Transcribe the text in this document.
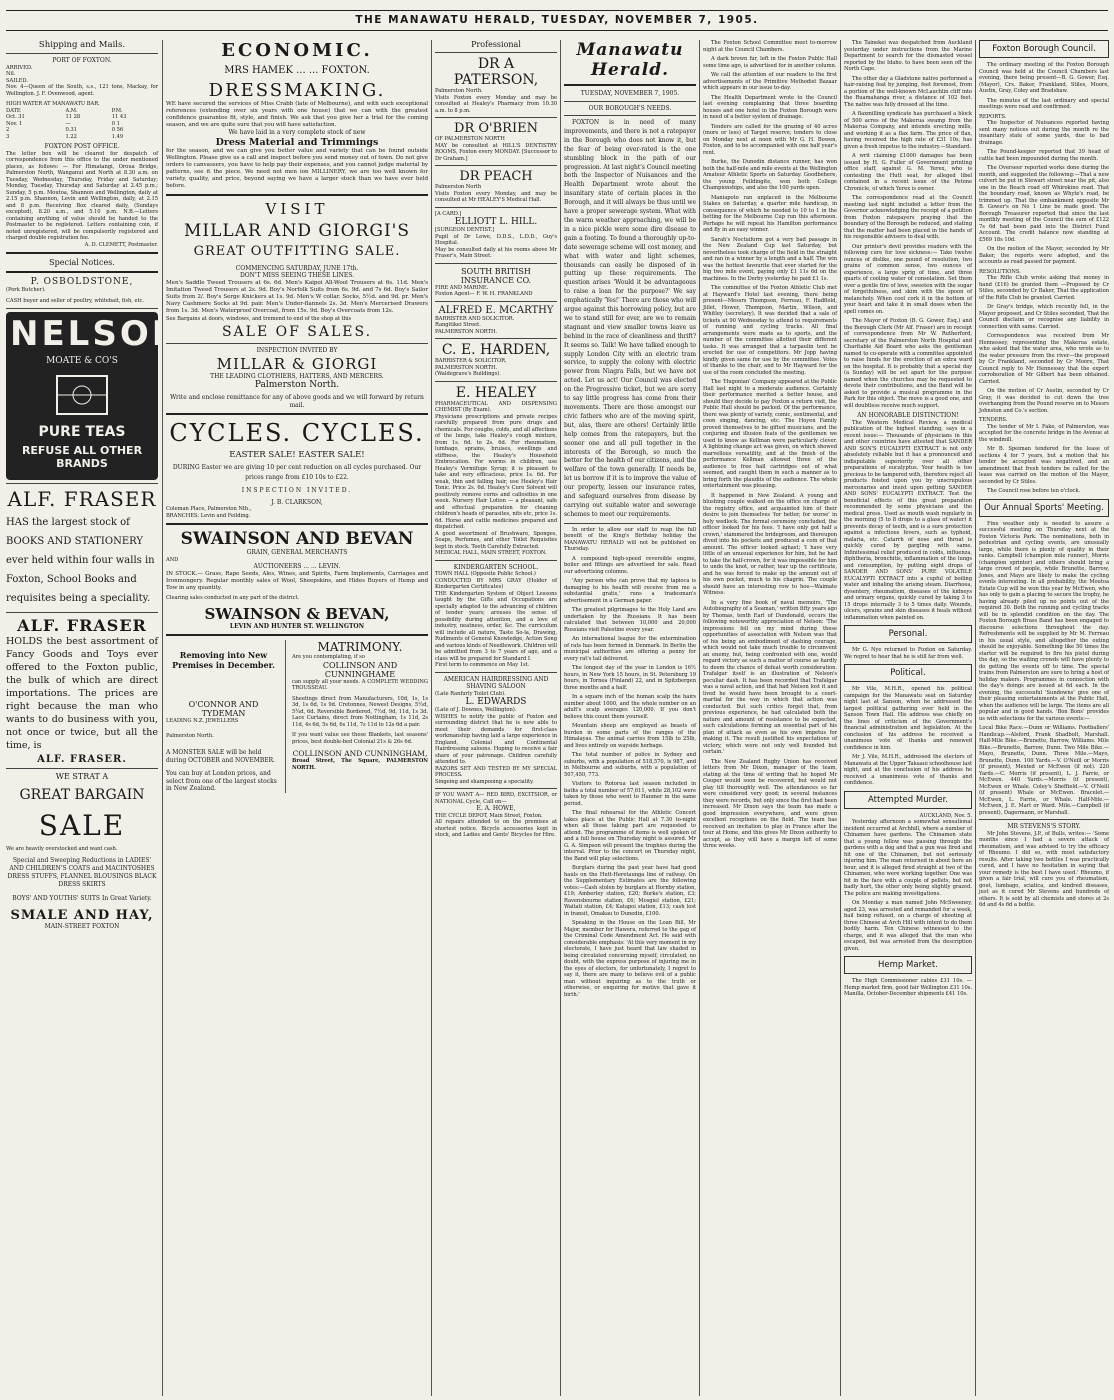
THE MANAWATU HERALD, TUESDAY, NOVEMBER 7, 1905.
Shipping and Mails.
PORT OF FOXTON.
ARRIVED.
Nil.
SAILED.
Nov. 4—Queen of the South, s.s., 121 tons, Mackay, for Wellington. J. F. Ovenwood, agent.
HIGH WATER AT MANAWATU BAR.
DATE	A.M.	P.M.
Oct. 31	11 28	11 43
Nov. 1	—	0 1
2	0.31	0 56
3	1.22	1.49
FOXTON POST OFFICE.
The letter box will be cleared for despatch of correspondence from this office to the under mentioned places, as follows: — For Himatangi, Oroua Bridge, Palmerston North, Wanganui and North at 8.30 a.m. on Tuesday, Wednesday, Thursday, Friday and Saturday; Monday, Tuesday, Thursday and Saturday at 2.45 p.m.; Sunday, 5 p.m. Moutoa, Shannon and Wellington, daily at 2.15 p.m. Shannon, Levin and Wellington, daily, at 2.15 and 8 p.m. Receiving Box cleared daily, (Sundays excepted), 8.20 a.m., and 5.10 p.m. N.B.—Letters containing anything of value should be handed to the Postmaster to be registered. Letters containing coin, if noted unregistered, will be compulsorily registered and charged double registration fee.
A. D. CLEMETT, Postmaster.
Special Notices.
P. OSBOLDSTONE,
(Pork Butcher).
CASH buyer and seller of poultry, whitebait, fish, etc.
NELSON
MOATE & CO'S
PURE TEAS
REFUSE ALL OTHER BRANDS
ALF. FRASER
HAS the largest stock of BOOKS AND STATIONERY ever held within four walls in Foxton, School Books and requisites being a speciality.
ALF. FRASER
HOLDS the best assortment of Fancy Goods and Toys ever offered to the Foxton public, the bulk of which are direct importations. The prices are right because the man who wants to do business with you, not once or twice, but all the time, is
ALF. FRASER.
WE STRAT A
GREAT BARGAIN
SALE
We are heavily overstocked and want cash.
Special and Sweeping Reductions in LADIES' AND CHILDREN'S COATS and MACINTOSHES DRESS STUFFS, FLANNEL BLOUSINGS BLACK DRESS SKIRTS
BOYS' AND YOUTHS' SUITS In Great Variety.
SMALE AND HAY,
MAIN-STREET FOXTON
ECONOMIC.
MRS HAMEK ... ... FOXTON.
DRESSMAKING.
WE have secured the services of Miss Crabb (late of Melbourne), and with such exceptional references (extending over six years with one house) that we can with the greatest confidence guarantee fit, style, and finish. We ask that you give her a trial for the coming season, and we are quite sure that you will have satisfaction.
We have laid in a very complete stock of new
Dress Material and Trimmings
for the season, and we can give you better value and variety that can be found outside Wellington. Please give us a call and inspect before you send money out of town. Do not give orders to canvassers, you have to help pay their expenses, and you cannot judge material by patterns, see it the piece. We need not men ion MILLINERY, we are too well known for variety, quality, and price, beyond saying we have a larger stock than we have ever held before.
VISIT
MILLAR AND GIORGI'S
GREAT OUTFITTING SALE.
COMMENCING SATURDAY, JUNE 17th.
DON'T MISS SEEING THESE LINES.
Men's Saddle Tweed Trousers at 6s. 6d. Men's Kaipoi All-Wool Trousers at 6s. 11d. Men's Imitation Tweed Trousers at 2s. 9d. Boy's Norfolk Suits from 6s. 9d. and 7s 6d. Boy's Sailor Suits from 2/. Boy's Serge Knickers at 1s. 9d. Men's W collar. Socks, 5½d. and 9d. pr. Men's Navy Cashmere Socks at 9d. pair. Men's Under-flannels 2s. 3d. Men's Mercerised Drawers from 1s. 3d. Men's Waterproof Overcoat, from 15s. 9d. Boy's Overcoats from 12s.
See Bargains at doors, windows, and tremend to end of the shop at this
SALE OF SALES.
INSPECTION INVITED BY
MILLAR & GIORGI
THE LEADING CLOTHIERS, HATTERS, AND MERCERS.
Palmerston North.
Write and enclose remittance for any of above goods and we will forward by return mail.
CYCLES. CYCLES.
EASTER SALE! EASTER SALE!
DURING Easter we are giving 10 per cent reduction on all cycles purchased. Our prices range from £10 10s to £22.
INSPECTION INVITED.
J. B. CLARKSON,
Coleman Place, Palmerston Nth.,
BRANCHES: Levin and Feilding.
SWAINSON AND BEVAN
GRAIN, GENERAL MERCHANTS
AND
AUCTIONEERS ... ... LEVIN.
IN STOCK.— Grass, Rape Seeds, Ales, Wines, and Spirits, Farm Implements, Carriages and Ironmongery. Regular monthly sales of Wool, Sheepskins, and Hides Buyers of Hemp and Tow in any quantity.
Clearing sales conducted in any part of the district.
SWAINSON & BEVAN,
LEVIN AND HUNTER ST. WELLINGTON
Removing into New Premises in December.
O'CONNOR AND TYDEMAN
LEADING N.Z. JEWELLERS
Palmerston North.
A MONSTER SALE will be held during OCTOBER and NOVEMBER.
You can buy at London prices, and select from one of the largest stocks in New Zealand.
MATRIMONY.
Are you contemplating, if so
COLLINSON AND CUNNINGHAME
can supply all your needs. A COMPLETE WEDDING TROUSSEAU.
Sheetings direct from Manufacturers, 10d, 1s, 1s 3d, 1s 6d, 1s 9d. Cretonnes, Newest Designs, 5½d, 5¾d, 6d. Reversible Bordered, 7½d, 9d, 11d, 1s 3d. Lace Curtains, direct from Nottingham, 1s 11d, 2s 11d, 4s 6d, 5s 6d, 6s 11d, 7s 11d to 12s 6d a pair.
If you want value see these Blankets, last seasons' prices, best double-bed Colonial 21s & 26s 6d.
COLLINSON AND CUNNINGHAM,
Broad Street, The Square, PALMERSTON NORTH.
Professional
DR A PATERSON,
Palmerston North.
Visits Foxton every Monday and may be consulted at Healey's Pharmacy from 10.30 a.m. to 8 p.m.
DR O'BRIEN
OF PALMERSTON NORTH
MAY be consulted at HILL'S DENTISTRY ROOMS, Foxton every MONDAY. [Successor to Dr Graham.]
DR PEACH
Palmerston North
Visits Foxton every Monday, and may be consulted at Mr HEALEY'S Medical Hall.
[A CARD.]
ELLIOTT L. HILL.
[SURGEON DENTIST.]
Pupil of Dr Lowe, D.D.S., L.D.D., Guy's Hospital.
May be consulted daily at his rooms above Mr Fraser's, Main Street.
SOUTH BRITISH INSURANCE CO.
FIRE AND MARINE.
Foxton Agent— F. W. H. FRANKLAND
ALFRED E. MCARTHY
BARRISTER AND SOLICITOR.
Rangitikei Street.
PALMERSTON NORTH.
C. E. HARDEN,
BARRISTER & SOLICITOR,
PALMERSTON NORTH.
(Waldegrave's Buildings).
E. HEALEY
PHARMACEUTICAL AND DISPENSING CHEMIST (By Exam).
Physicians prescriptions and private recipes carefully prepared from pure drugs and chemicals. For coughs, colds, and all affections of the lungs, take Healey's cough mixture, from 1s. 6d. to 2s. 6d. For rheumatism, lumbago, sprains, bruises, swellings and stiffness, the Healey's Household Embrocation. For worms in children, use Healey's Vermifuge Syrup; it is pleasant to take and very efficacious, price 1s. 6d. For weak, thin and falling hair, use Healey's Hair Tonic. Price 2s. 6d. Healey's Cure Solvent will positively remove corns and callosities in one week. Nursery Hair Lotion — a pleasant, safe and effectual preparation for cleaning children's heads of parasites, nits etc, price 1s. 6d. Horse and cattle medicines prepared and dispatched.
A good assortment of Brushware, Sponges, Soaps, Perfumes, and other Toilet Requisites kept in stock. Teeth Carefully Extracted.
MEDICAL HALL, MAIN STREET, FOXTON.
KINDERGARTEN SCHOOL.
TOWN HALL (Opposite Public School.)
CONDUCTED BY MRS GRAY (Holder of Kindergarten Certificates)
THE Kindergarten System of Object Lessons taught by the Gifts and Occupations are specially adapted to the advancing of children of tender years; arouses the sense of possibility during attention, and a love of industry, neatness, order, &c. The curriculum will include all nature, Taste So-la, Drawing, Rudiments of General Knowledge, Action Song and various kinds of Needlework. Children will be admitted from 3 to 7 years of age, and a class will be prepared for Standard I.
First term to commence on May 1st.
AMERICAN HAIRDRESSING AND SHAVING SALOON
(Late Ranfurly Toilet Club).
L. EDWARDS
(Late of J. Downes, Wellington).
WISHES to notify the public of Foxton and surrounding district that he is now able to meet their demands for first-class workmanship having laid a large experience in England, Colonial and Continental Hairdressing saloons. Hoping to receive a fair share of your patronage. Children carefully attended to.
RAZORS SET AND TESTED BY MY SPECIAL PROCESS.
Singeing and shampooing a speciality.
IF YOU WANT A— RED BIRD, EXCITSIOR, or NATIONAL Cycle, Call on—
E. A. HOWE,
THE CYCLE DEPOT, Main Street, Foxton.
All repairs attended to on the premises at shortest notice. Bicycle accessories kept in stock, and Ladies and Gents' Bicycles for Hire.
Manawatu Herald.
TUESDAY, NOVEMBER 7, 1905.
OUR BOROUGH'S NEEDS.
FOXTON is in need of many improvements, and there is not a ratepayer in the Borough who does not know it, but the fear of being over-rated is the one stumbling block in the path of our progression. At last night's Council meeting both the Inspector of Nuisances and the Health Department wrote about the insanitary state of certain places in the Borough, and it will always be thus until we have a proper sewerage system. What with the warm weather approaching, we will be in a nice pickle were some dire disease to gain a footing. To found a thoroughly up-to-date sewerage scheme will cost money, and what with water and light schemes, thousands can easily be disposed of in putting up these requirements. The question arises 'Would it be advantageous to raise a loan for the purpose?' We say emphatically 'Yes!' There are those who will argue against this borrowing policy, but are we to stand still for ever, are we to remain stagnant and view smaller towns leave us behind in the race of cleanliness and thrift? It seems so. Talk! We have talked enough to supply London City with an electric tram service, to supply the colony with electric power from Niagra Falls, but we have not acted. Let us act! Our Council was elected on the Progressive ticket, but we are sorry to say little progress has come from their movements. There are those amongst our civic fathers who are of the moving spirit, but, alas, there are others! Certainly little help comes from the ratepayers, but the sooner one and all pull together in the interests of the Borough, so much the better for the health of our citizens, and the welfare of the town generally. If needs be, let us borrow if it is to improve the value of our property, lessen our insurance rates, and safeguard ourselves from disease by carrying out suitable water and sewerage schemes to meet our requirements.

In order to allow our staff to reap the full benefit of the King's Birthday holiday the MANAWATU HERALD will not be published on Thursday.

A compound high-speed reversible engine, boiler and fittings are advertised for sale. Read our advertising columns.

'Any person who can prove that my tapioca is damaging to his health will receive from me a substantial gratis,' runs a tradesman's advertisement in a German paper.

The greatest pilgrimages to the Holy Land are undertaken by the Russians. It has been calculated that between 10,000 and 20,000 Russians visit Palestine every year.

An international league for the extermination of rats has been formed in Denmark. In Berlin the municipal authorities are offering a penny for every rat's tail delivered.

The longest day of the year in London is 16½ hours, in New York 15 hours, in St. Petersburg 19 hours, in Tornea (Finland) 22, and in Spitzbergen three months and a half.

In a square inch of the human scalp the hairs number about 1000, and the whole number on an adult's scalp averages 120,000. If you don't believe this count them yourself.

Mountain sheep are employed as beasts of burden in some parts of the ranges of the Himalayas. The animal carries from 15lb to 25lb, and lives entirely on wayside herbage.

The total number of police in Sydney and suburbs, with a population of 518,570, is 987, and in Melbourne and suburbs, with a population of 507,450, 773.

Visitors to Rotorua last season included in baths a total number of 57,611, while 28,102 were taken by those who went to Hanmer in the same period.

The final rehearsal for the Athletic Concert takes place at the Public Hall at 7.30 to-night when all those taking part are requested to attend. The programme of items is well spoken of and a full house on Thursday night is assured. Mr G. A. Simpson will present the trophies during the interval. Prior to the concert on Thursday night, the Band will play selections.

Burglars during the past year have had good hauls on the Hutt-Heretaunga line of railway. On the Supplementary Estimates are the following votes:—Cash stolen by burglars at Hornby station, £19; Amberley station, £20; Burke's station, £3; Ravensbourne station, £6; Mosgiel station, £21; Waitati station, £4; Katapoi station, £13; cash lost in transit, Omakau to Dunedin, £100.

Speaking in the House on the Loan Bill, Mr Major, member for Hawera, referred to the gag of the Criminal Code Amendment Act. He said with considerable emphasis: 'At this very moment in my electorate, I have just heard that law shaded in being circulated concerning myself, circulated, no doubt, with the express purpose of injuring me in the eyes of electors, for unfortunately, I regret to say it, there are many to believe evil of a public man without inquiring as to the truth or otherwise, or enquiring for motive that gave it birth.'

The Foxton School Committee meet to-morrow night at the Council Chambers.

A dark brown fur, left in the Foxton Public Hall some time ago, is advertised for in another column.

We call the attention of our readers to the first advertisements of the Primitive Methodist Bazaar which appears in our issue to-day.

The Health Department wrote to the Council last evening complaining that three boarding houses and one hotel in the Foxton Borough were in need of a better system of drainage.

Tenders are called for the grazing of 40 acres (more or less) of Target reserve; tenders to close on Monday next at noon with Mr G. H. Bowen, Foxton, and to be accompanied with one half year's rent.

Burke, the Dunedin distance runner, has won both the half-mile and mile events at the Wellington Amateur Athletic Sports on Saturday. Goodbehere, the young Feildingite, won both College Championships, and also the 100 yards open.

Maniapoto ran unplaced in the Melbourne Stakes on Saturday, a quarter mile handicap, in consequence of which he needed to 10 to 1 in the betting for the Melbourne Cup run this afternoon. Perhaps he will repeat his Hamilton performance and fly in an easy winner.

Sarah's Noctuiform got a very bad passage in the New Zealand Cup last Saturday, but nevertheless took charge of the field in the straight and ran in a winner by a length and a half. The win was the hottest favourite that ever started for the big two mile event, paying only £1 11s 6d on the machines. In the Derby yesterday he paid £1 1s.

The committee of the Foxton Athletic Club met at Hayward's Hotel last evening, there being present—Messrs Thompson, Ferreau, F. Hadfield, Jillet, Hower, Thompson, Martin, Wilson, and Whitley (secretary). It was decided that a sale of tickets at 90 Wednesday to attend to requirements of running and cycling tracks. All final arrangements were made as to sports, and the number of the committee allotted their different tasks. It was arranged that a tarpaulin tent be erected for use of competitors. Mr Jopp having kindly given same for use by the committee. Votes of thanks to the chair, and to Mr Hayward for the use of the room concluded the meeting.

The 'Hugonian' Company appeared at the Public Hall last night to a moderate audience. Certainly their performance merited a better house, and should they decide to pay Foxton a return visit, the Public Hall should be packed. Of the performance, there was plenty of variety, comic, sentimental, and coon singing, dancing, etc. The Hoyen Family proved themselves to be gifted musicians, and the conjuring and illusion feats of the gentlemen we used to know as Kellman were particularly clever. A lightning change act was given, on which showed marvellous versatility, and at the finish of the performance Kellman allowed three of the audience to free hall cartridges out of what seemed, and caught them in such a manner as to bring forth the plaudits of the audience. The whole entertainment was pleasing.

It happened in New Zealand. A young and blushing couple walked on the office on charge of the registry office, and acquainted him of their desire to join themselves 'for better, for worse' in holy wedlock. The formal ceremony concluded, the officer looked for his fees. 'I have only got half a crown,' stammered the bridegroom, and thereupon dived into his pockets and produced a coin of that amount. The officer looked aghast; 'I have very little of an unusual experience for him, but he had to take the half-crown, for it was impossible for him to undo the knot, or rather, tear up the certificate, and he was forced to make up the amount out of his own pocket, much to his chagrin. The couple should have an interesting row to hoe—Waimate Witness.

In a very fine book of naval memoirs, 'The Autobiography of a Seaman,' written fifty years ago by Thomas, tenth Earl of Dundonald, occurs the following noteworthy appreciation of Nelson: 'The impressions fell on my mind during these opportunities of association with Nelson was that of his being an embodiment of dashing courage, which would not take much trouble to circumvent an enemy, but, being confronted with one, would regard victory as such a matter of course as hardly to deem the chance of defeat worth consideration. Trafalgar itself is an illustration of Nelson's peculiar dash. It has been recorded that Trafalgar was a naval action, and that had Nelson lost it and lived he would have been brought to a court-martial for the way in which that action was conducted. But such critics forget that, from previous experience, he had calculated both the nature and amount of resistance to be expected, such calculations forming an essential part of his plan of attack as even as his own impetus for making it. The result justified his expectations of victory, which were not only well founded but certain.'

The New Zealand Rugby Union has received letters from Mr Dixon, manager of the team, stating at the time of writing that he hoped Mr Cooper would soon be recovered, but would not play till thoroughly well. The attendances so far were considered very good; in several instances they were records, but only since the first had been increased. Mr Dixon says the team has made a good impression everywhere, and were given excellent receptions on the field. The team has received an invitation to play in France after the tour at Home, and this gives Mr Dixon authority to accept, as they will have a margin left of some three weeks.

The Tainekei was despatched from Auckland yesterday under instructions from the Marine Department to search for the dismasted vessel reported by the Idaho. to have been seen off the North Cape.

The other day a Gladstone native performed a hair-raising feat by jumping, feet foremost, from a portion of the well-known McLauchlin cliff into the Ruamahanga river, a distance of 102 feet. The native was fully dressed at the time.

A flaxmilling syndicate has purchased a block of 500 acres of the Makerua swamp from the Makerua Company, and intends erecting mills, and working it as a flax farm. The price of flax, having received the high rate of £31 10s, has given a fresh impetus to the industry.—Standard.

A writ claiming £1000 damages has been issued by H. G. Fuller of Government printing office staff, against G. M. Yerex, who is contesting the Hutt seat, for alleged libel contained in a recent issue of the Petone Chronicle, of which Yerex is owner.

The correspondence read at the Council meeting last night included a letter from the Governor acknowledging the receipt of a petition from Foxton ratepayers praying that the boundary of the Borough be reduced, and stating that the matter had been placed in the hands of his responsible advisers to deal with.

Our printer's devil provides readers with the following cure for love sickness:— Take twelve ounces of dislike, one pound of resolution, two grains of common sense, two ounces of experience, a large sprig of time, and three quarts of cooling water of consolation. Set them over a gentle fire of love, sweeten with the sugar of forgetfulness, and skim with the spoon of melancholy. When cool cork it in the bottom of your heart and take it in small doses when the spell comes on.

The Mayor of Foxton (B. G. Gower, Esq.) and the Borough Clerk (Mr Alf. Fraser) are in receipt of correspondence from Mr W. Rutherford, secretary of the Palmerston North Hospital and Charitable Aid Board who asks the gentleman named to co-operate with a committee appointed to raise funds for the erection of an extra ward on the hospital. It is probably that a special day (a Sunday) will be set apart for the purpose named when the churches may be requested to devote their contributions, and the Band will be asked to provide a musical programme in the Park for this object. The move is a good one, and will doubtless receive much support.

AN HONORABLE DISTINCTION!

The Western Medical Review, a medical publication of the highest standing, says in a recent issue:— Thousands of physicians in this and other countries have attested that SANDER AND SON'S EUCALYPTI EXTRACT is not only absolutely reliable but it has a pronounced and indisputable superiority over all other preparations of eucalyptus. Your health is too precious to be tampered with, therefore reject all products foisted upon you by unscrupulous mercenaries and insist upon getting SANDER AND SONS' EUCALYPTI EXTRACT. Test the beneficial effects of this great preparation recommended by some physicians and the medical press. Used as mouth wash regularly in the morning (5 to 8 drops to a glass of water) it prevents decay of teeth, and is a sure protection against a infectious fevers, such as typhoid, malaria, etc. Catarrh of nose and throat is quickly cured by gargling with same. Infinitessimal relief produced in colds, influenza, diphtheria, bronchitis, inflammation of the lungs and consumption, by putting eight drops of SANDER AND SONS' PURE VOLATILE EUCALYPTI EXTRACT into a cupful of boiling water and inhaling the arising steam. Diarrhoea, dysentery, rheumatism, diseases of the kidneys and urinary organs, quickly cured by taking 3 to 15 drops internally 3 to 5 times daily. Wounds, ulcers, sprains and skin diseases it heals without inflammation when painted on.

Personal.

Mr G. Nye returned to Foxton on Saturday. We regret to hear that he is still far from well.

Political.

Mr Vile, M.H.R., opened his political campaign for the Manawatu seat on Saturday night last at Sanson, when he addressed the largest political gathering ever held in the Sanson Town Hall. His address was chiefly on the lines of criticism of the Government's financial administration and legislation. At the conclusion of his address he received a unanimous vote of thanks and renewed confidence in him.

Mr J. Vile, M.H.R., addressed the electors of Manawatu at the Upper Takaaui schoolhouse last night, and at the conclusion of his address he received a unanimous vote of thanks and confidence.

Attempted Murder.
AUCKLAND, Nov. 5.

Yesterday afternoon a somewhat sensational incident occurred at Archhill, where a number of Chinamen have gardens. The Chinamen state that a young fellow was passing through the gardens with a dog and that a gun was fired and hit one of the Chinamen, but not seriously injuring him. The man returned in about here an hour, and it is alleged fired straight at two of the Chinamen, who were working together. One was hit in the face with a couple of pellets, but not badly hurt, the other only being slightly grazed. The police are making investigations.

On Monday a man named John McSweeney, aged 23, was arrested and remanded for a week, bail being refused, on a charge of shooting at three Chinese at Arch Hill with intent to do them bodily harm. Ten Chinese witnessed to the charge, and it was alleged that the man who escaped, but was arrested from the description given.

Hemp Market.

The High Commissioner cables £31 10s. —Hemp market firm, good fair Wellington £31 10s. Manilla, October-December shipments £41 10s.

Foxton Borough Council.

The ordinary meeting of the Foxton Borough Council was held at the Council Chambers last evening, there being present—B. G. Gower, Esq. (Mayor), Crs. Baker, Frankland, Stiles, Moore, Austin, Gray, Coley and Bradshaw.

The minutes of the last ordinary and special meetings were read and confirmed.

REPORTS.

The Inspector of Nuisances reported having sent many notices out during the month re the insanitary state of some yards, due to bad drainage.

The Pound-keeper reported that 39 head of cattle had been impounded during the month.

The Overseer reported works done during the month, and suggested the following:—That a new culvert be put in Stewart street near the pit, also one in the Beach road off Whirokino road. That the boundary road, known as Whyte's road, be trimmed up. That the embankment opposite Mr B. Gower's on No 1 Line be made good. The Borough Treasurer reported that since the last monthly meeting of the Council the sum of £122 7s 6d had been paid into the District Fund Account. The credit balance now standing at £569 18s 10d.

On the motion of the Mayor, seconded by Mr Baker, the reports were adopted, and the accounts as read passed for payment.

RESOLUTIONS.

The Rifle Club wrote asking that money in hand (£16) be granted them —Proposed by Cr Stiles, seconded by Cr Baker, That the application of the Rifle Club be granted. Carried.

Dr Gray's bridge, which recently fell, in the Mayor proposed, and Cr Stiles seconded, That the Council disclaim or recognise any liability in connection with same. Carried.

Correspondence was received from Mr Hennessey, representing the Makerua estate, who asked that the water area, who wrote as to the water pressure from the river—the proposed by Cr Frankland, seconded by Cr Moore, That Council reply to Mr Hennessey that the expert corroboration of Mr Gilbert has been obtained. Carried.

On the motion of Cr Austin, seconded by Cr Gray, it was decided to cut down the tree overhanging from the Pound reserve on to Messrs Johnston and Co.'s section.

TENDERS.

The tender of Mr I. Fake, of Palmerston, was accepted for the concrete bridge in the Avenue at the windmill.

Mr B. Speiman tendered for the lease of sections 4 for 7 years, but a motion that his tender be accepted was negatived, and an amendment that fresh tenders be called for the lease was carried on the motion of the Mayor, seconded by Cr Stiles.

The Council rose before ten o'clock.

Our Annual Sports' Meeting.

Fine weather only is needed to assure a successful meeting on Thursday next at the Foxton Victoria Park. The nominations, both in pedestrian and cycling events, are unusually large, while there is plenty of quality in their ranks. Campbell (champion mile runner), Morris (champion sprinter) and others should bring a large crowd of people, while Brunette, Barrow, Jones, and Mayo are likely to make the cycling events interesting. In all probability, the Moutoa Estate Cup will be won this year by McEwen, who has only to gain a placing to secure the trophy, he having already piled up no points out of the required 30. Both the running and cycling tracks will be in splendid condition on the day. The Foxton Borough Brass Band has been engaged to discourse selections throughout the day. Refreshments will be supplied by Mr M. Ferreau in his usual style, and altogether the outing should be enjoyable. Something like 50 times the starter will be required to fire his pistol during the day, so the waiting crowds will have plenty to do getting the events off to time. The special trains from Palmerston are sure to bring a host of holiday makers. Programmes in connection with the day's doings are issued at 6d each. In the evening, the successful 'Sundowns' give one of their pleasing entertainments at the Public Hall, when the audience will be large. The items are all popular and in good hands. 'Bon Bons' provides us with selections for the various events:—

Local Bike Race.—Dunn or Williams. Footballers' Handicap.—Alsford, Frank Shadbolt, Marshall. Half-Mile Bike.—Brunette, Barrow, Williams. Mile Bike.—Brunette, Barrow, Dunn. Two Mile Bike.—Mayo, Brunette, Dunn. Three Mile.—Mayo, Brunette, Dunn. 100 Yards.—V. O'Neill or Morris (if present), Mexted or McEwen (if not). 220 Yards.—C. Morris (if present), L. J. Farrie, or McEwen. 440 Yards.—Morris (if present), McEwen or Whale. Coley's Sheffield.—V. O'Neill (if present) Whale or McEwen. Bracelet.—McEwen, L. Farrie, or Whale. Half-Mile.—McEwen, J. E. Mart or Ward. Mile.—Campbell (if present), Dagermann, or Marshall.

MR STEVENS'S STORY.

Mr John Stevens, J.P., of Bulls, writes:— 'Some months since I had a severe attack of rheumatism, and was advised to try the efficacy of Rheumo. I did so, with most satisfactory results. After taking two bottles I was practically cured, and I have no hesitation in saying that your remedy is the best I have used.' Rheumo, if given a fair trial, will cure you of rheumatism, gout, lumbago, sciatica, and kindred diseases, just as it cured Mr Stevens and hundreds of others. It is sold by all chemists and stores at 2s 6d and 4s 6d a bottle.
